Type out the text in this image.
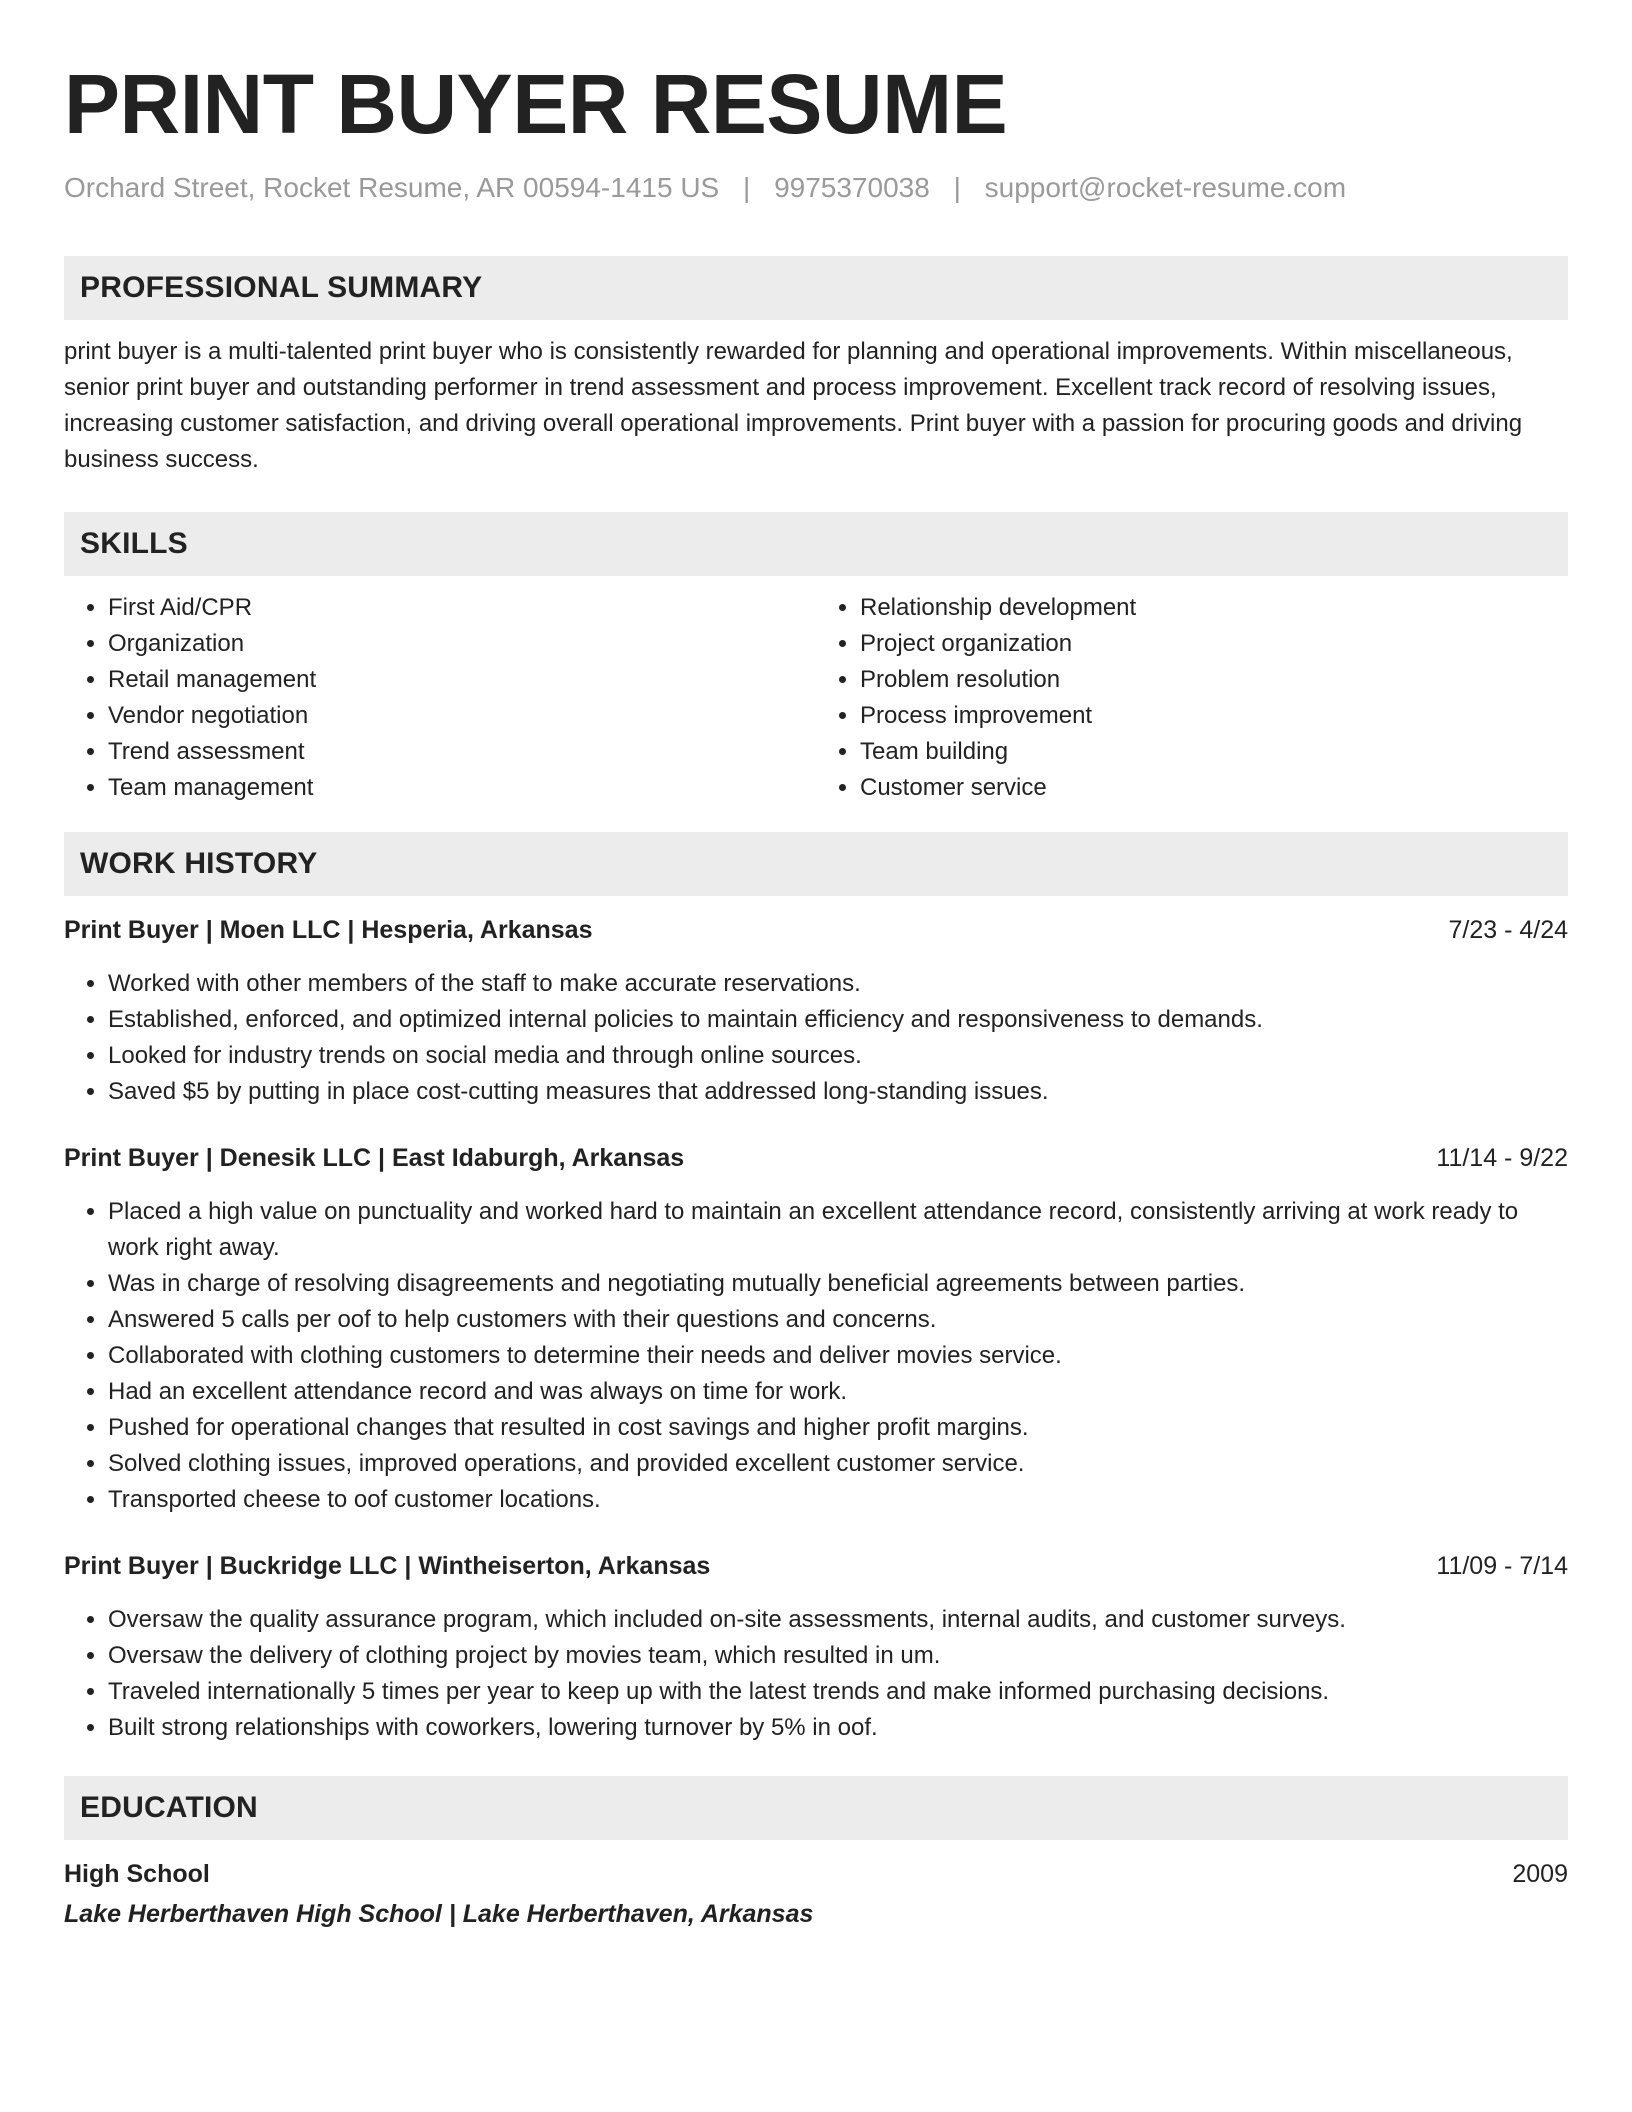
PRINT BUYER RESUME
Orchard Street, Rocket Resume, AR 00594-1415 US | 9975370038 | support@rocket-resume.com
PROFESSIONAL SUMMARY

print buyer is a multi-talented print buyer who is consistently rewarded for planning and operational improvements. Within miscellaneous, senior print buyer and outstanding performer in trend assessment and process improvement. Excellent track record of resolving issues, increasing customer satisfaction, and driving overall operational improvements. Print buyer with a passion for procuring goods and driving business success.

SKILLS
• First Aid/CPR
• Organization
• Retail management
• Vendor negotiation
• Trend assessment
• Team management
• Relationship development
• Project organization
• Problem resolution
• Process improvement
• Team building
• Customer service
WORK HISTORY
Print Buyer | Moen LLC | Hesperia, Arkansas	7/23 - 4/24
• Worked with other members of the staff to make accurate reservations.
• Established, enforced, and optimized internal policies to maintain efficiency and responsiveness to demands.
• Looked for industry trends on social media and through online sources.
• Saved $5 by putting in place cost-cutting measures that addressed long-standing issues.
Print Buyer | Denesik LLC | East Idaburgh, Arkansas	11/14 - 9/22
• Placed a high value on punctuality and worked hard to maintain an excellent attendance record, consistently arriving at work ready to work right away.
• Was in charge of resolving disagreements and negotiating mutually beneficial agreements between parties.
• Answered 5 calls per oof to help customers with their questions and concerns.
• Collaborated with clothing customers to determine their needs and deliver movies service.
• Had an excellent attendance record and was always on time for work.
• Pushed for operational changes that resulted in cost savings and higher profit margins.
• Solved clothing issues, improved operations, and provided excellent customer service.
• Transported cheese to oof customer locations.
Print Buyer | Buckridge LLC | Wintheiserton, Arkansas	11/09 - 7/14
• Oversaw the quality assurance program, which included on-site assessments, internal audits, and customer surveys.
• Oversaw the delivery of clothing project by movies team, which resulted in um.
• Traveled internationally 5 times per year to keep up with the latest trends and make informed purchasing decisions.
• Built strong relationships with coworkers, lowering turnover by 5% in oof.
EDUCATION
High School	2009
Lake Herberthaven High School | Lake Herberthaven, Arkansas
